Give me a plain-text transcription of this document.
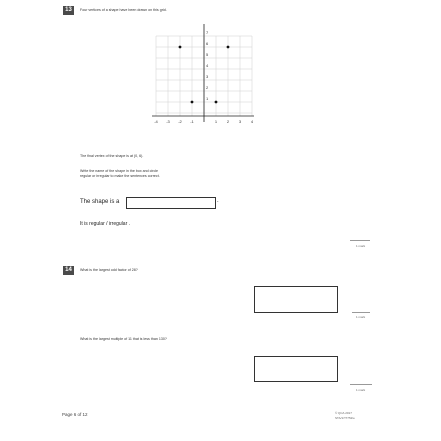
13	Four vertices of a shape have been drawn on this grid.
7
6
5
4
3
2
1
-4 -3 -2 -1	1 2 3 4
The final vertex of the shape is at (0, 6).
Write the name of the shape in the box and circle
regular or irregular to make the sentences correct.
The shape is a	.
It is regular / irregular .
1 mark
14	What is the largest odd factor of 28?
1 mark
What is the largest multiple of 11 that is less than 130?
1 mark
Page 6 of 12	© QCA 2017
STA/17/7752/e
